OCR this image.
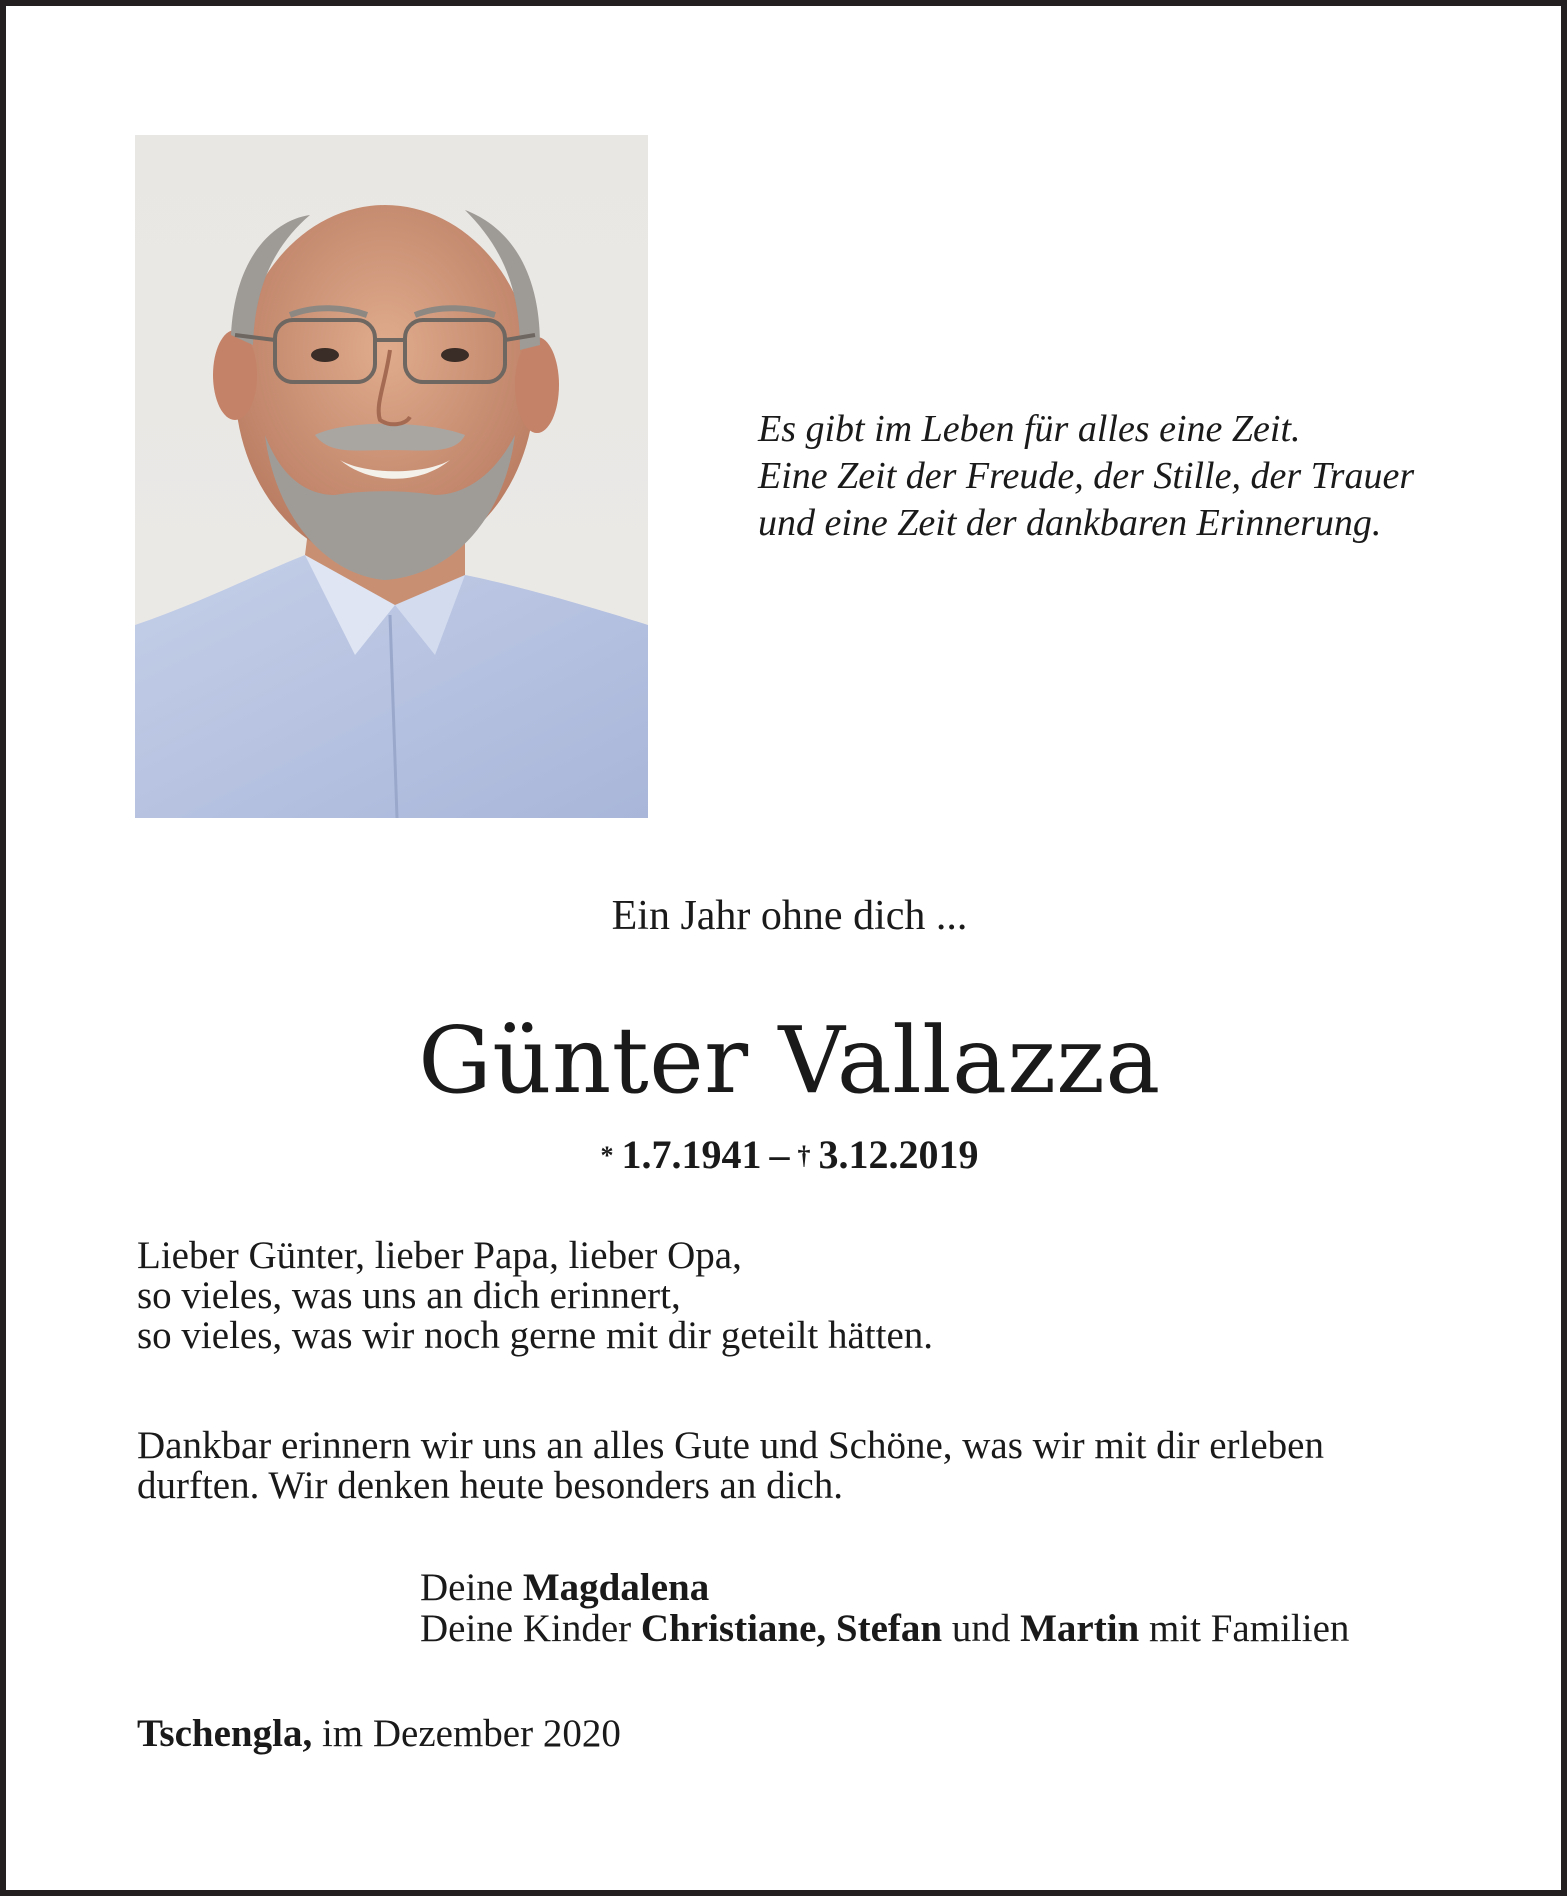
Es gibt im Leben für alles eine Zeit.
Eine Zeit der Freude, der Stille, der Trauer
und eine Zeit der dankbaren Erinnerung.
Ein Jahr ohne dich ...
Günter Vallazza
*  1.7.1941  –  †  3.12.2019
Lieber Günter, lieber Papa, lieber Opa,
so vieles, was uns an dich erinnert,
so vieles, was wir noch gerne mit dir geteilt hätten.
Dankbar erinnern wir uns an alles Gute und Schöne, was wir mit dir erleben
durften. Wir denken heute besonders an dich.
Deine Magdalena
Deine Kinder Christiane, Stefan und Martin mit Familien
Tschengla, im Dezember 2020
